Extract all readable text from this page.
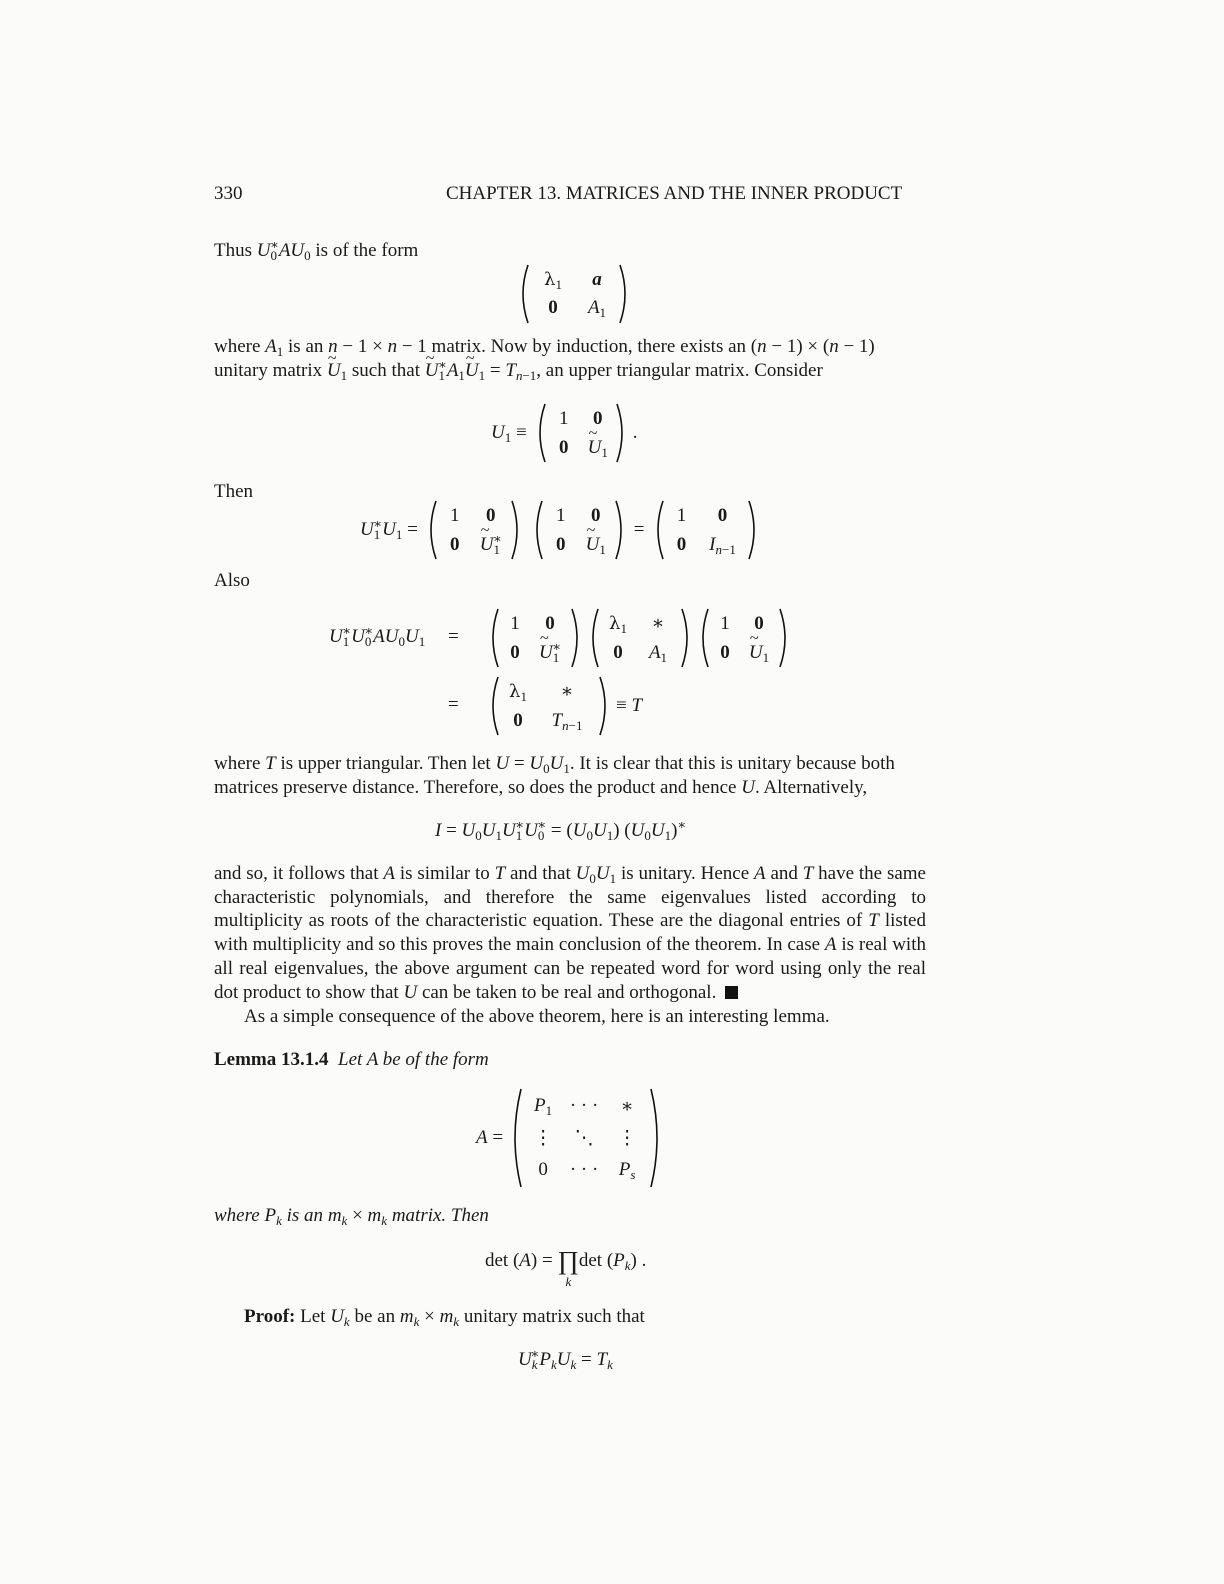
330	CHAPTER 13. MATRICES AND THE INNER PRODUCT
Thus $U_0^∗AU_0$ is of the form
$\lambda_1$ a
0 $A_1$
where $A_1$ is an n − 1 × n − 1 matrix. Now by induction, there exists an (n − 1) × (n − 1)
unitary matrix ~ $U_1$ such that ~ $U_1^∗A_1\sim$ $U_1 = T_{n-1}$, an upper triangular matrix. Consider
$U_1$ ≡
1 0
0 ~ $U_1$
.
Then
$U_1^∗U_1$ =
1 0
0 ~ $U_1^∗$
1 0
0 ~ $U_1$
=
1 0
0 $I_{n-1}$
Also
$U_1^∗U_0^∗AU_0U_1$ =
1 0
0 ~ $U_1^∗$
$\lambda_1$ ∗
0 $A_1$
1 0
0 ~ $U_1$
=
$\lambda_1$ ∗
0 $T_{n-1}$
≡ T
where T is upper triangular. Then let $U = U_0U_1$. It is clear that this is unitary because both
matrices preserve distance. Therefore, so does the product and hence U. Alternatively,
$I = U_0U_1U_1^∗U_0^∗ = (U_0U_1)$ $(U_0U_1)^∗$
and so, it follows that A is similar to T and that $U_0U_1$ is unitary. Hence A and T have the same characteristic polynomials, and therefore the same eigenvalues listed according to multiplicity as roots of the characteristic equation. These are the diagonal entries of T listed with multiplicity and so this proves the main conclusion of the theorem. In case A is real with all real eigenvalues, the above argument can be repeated word for word using only the real dot product to show that U can be taken to be real and orthogonal.
As a simple consequence of the above theorem, here is an interesting lemma.
Lemma 13.1.4 Let A be of the form
A =
$P_1$ · · · ∗
⋮ ⋱ ⋮
0 · · · $P_s$
where $P_k$ is an $m_k \times m_k$ matrix. Then
det (A) = ∏
k
$\det (P_k)$ .
Proof: Let $U_k$ be an $m_k \times m_k$ unitary matrix such that
$U_k^∗P_kU_k = T_k$
